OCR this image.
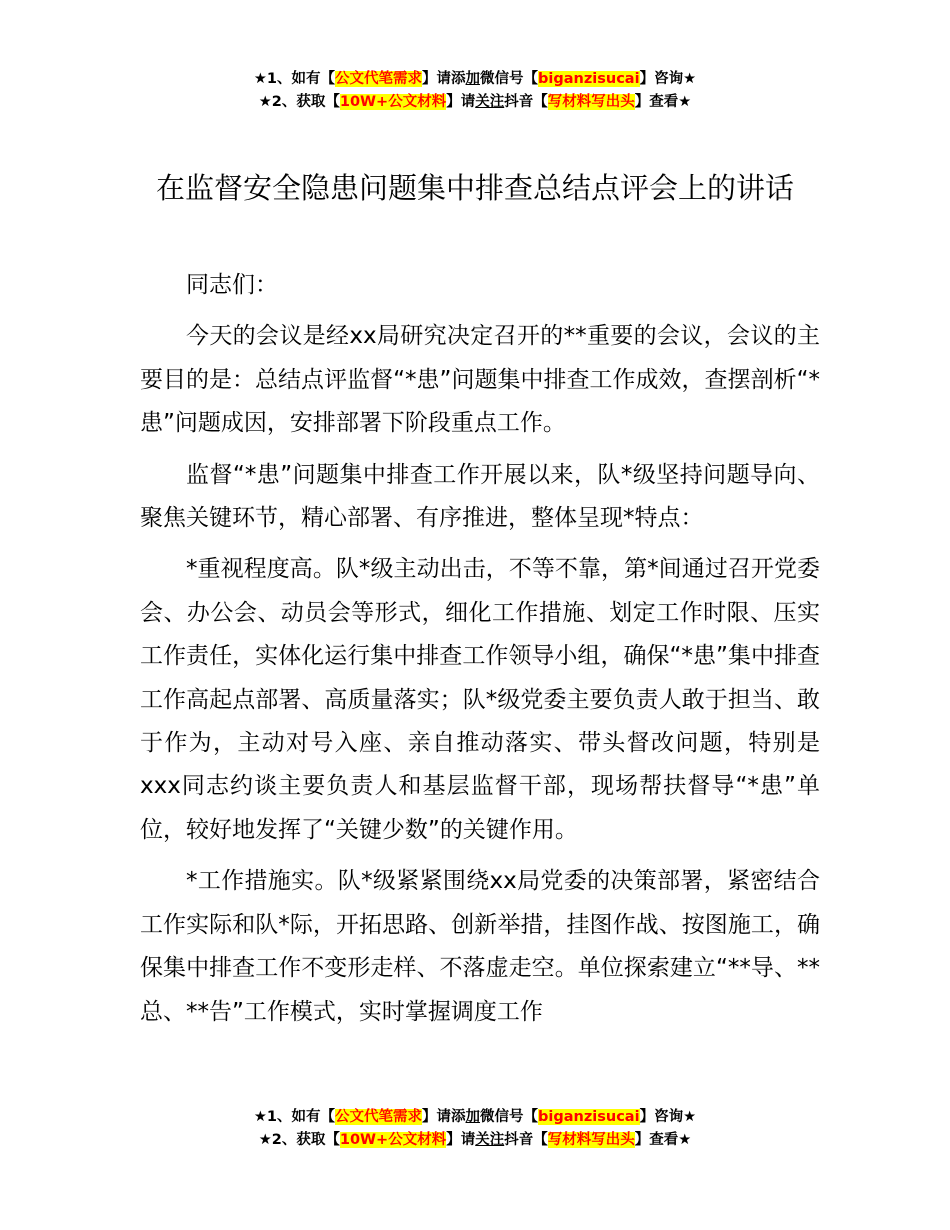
★1、如有【公文代笔需求】请添加微信号【biganzisucai】咨询★
★2、获取【10W+公文材料】请关注抖音【写材料写出头】查看★
在监督安全隐患问题集中排查总结点评会上的讲话

同志们：

今天的会议是经xx局研究决定召开的**重要的会议，会议的主要目的是：总结点评监督“*患”问题集中排查工作成效，查摆剖析“*患”问题成因，安排部署下阶段重点工作。

监督“*患”问题集中排查工作开展以来，队*级坚持问题导向、聚焦关键环节，精心部署、有序推进，整体呈现*特点：

*重视程度高。队*级主动出击，不等不靠，第*间通过召开党委会、办公会、动员会等形式，细化工作措施、划定工作时限、压实工作责任，实体化运行集中排查工作领导小组，确保“*患”集中排查工作高起点部署、高质量落实；队*级党委主要负责人敢于担当、敢于作为，主动对号入座、亲自推动落实、带头督改问题，特别是xxx同志约谈主要负责人和基层监督干部，现场帮扶督导“*患”单位，较好地发挥了“关键少数”的关键作用。

*工作措施实。队*级紧紧围绕xx局党委的决策部署，紧密结合工作实际和队*际，开拓思路、创新举措，挂图作战、按图施工，确保集中排查工作不变形走样、不落虚走空。单位探索建立“**导、**总、**告”工作模式，实时掌握调度工作

★1、如有【公文代笔需求】请添加微信号【biganzisucai】咨询★
★2、获取【10W+公文材料】请关注抖音【写材料写出头】查看★
